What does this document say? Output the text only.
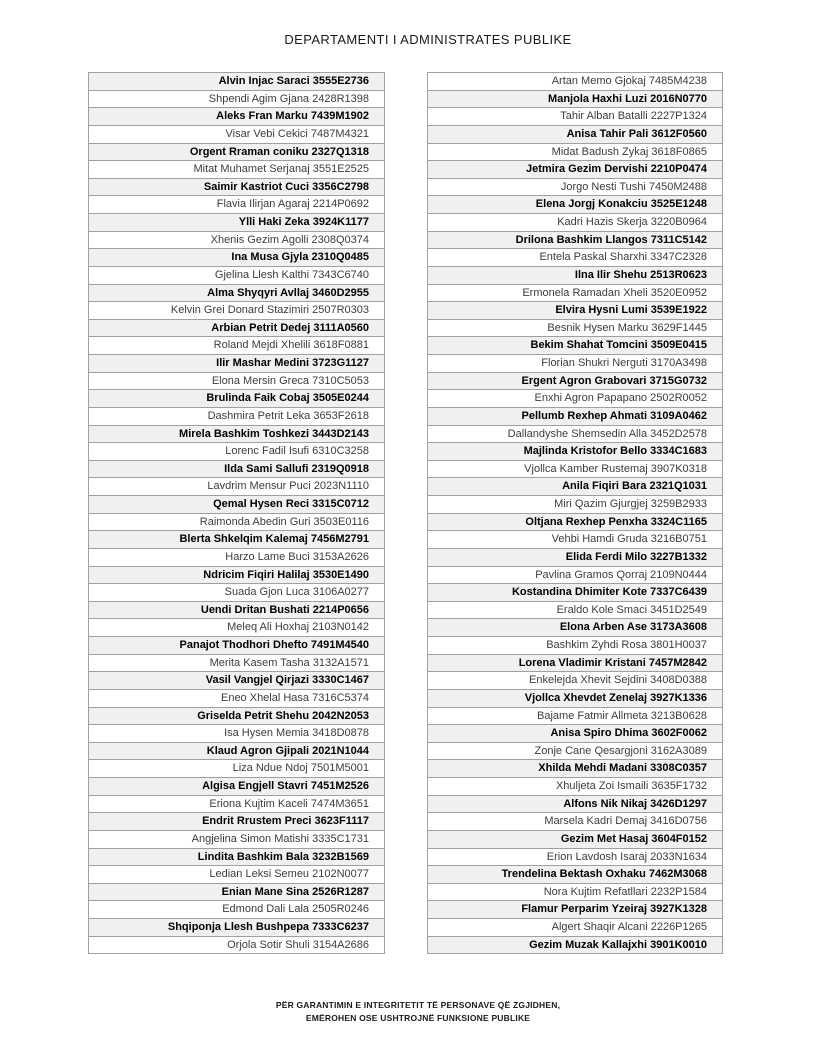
DEPARTAMENTI I ADMINISTRATES PUBLIKE
Alvin Injac Saraci 3555E2736
Shpendi Agim Gjana 2428R1398
Aleks Fran Marku 7439M1902
Visar Vebi Cekici 7487M4321
Orgent Rraman coniku 2327Q1318
Mitat Muhamet Serjanaj 3551E2525
Saimir Kastriot Cuci 3356C2798
Flavia Ilirjan Agaraj 2214P0692
Ylli Haki Zeka 3924K1177
Xhenis Gezim Agolli 2308Q0374
Ina Musa Gjyla 2310Q0485
Gjelina Llesh Kalthi 7343C6740
Alma Shyqyri Avllaj 3460D2955
Kelvin Grei Donard Stazimiri 2507R0303
Arbian Petrit Dedej 3111A0560
Roland Mejdi Xhelili 3618F0881
Ilir Mashar Medini 3723G1127
Elona Mersin Greca 7310C5053
Brulinda Faik Cobaj 3505E0244
Dashmira Petrit Leka 3653F2618
Mirela Bashkim Toshkezi 3443D2143
Lorenc Fadil Isufi 6310C3258
Ilda Sami Sallufi 2319Q0918
Lavdrim Mensur Puci 2023N1110
Qemal Hysen Reci 3315C0712
Raimonda Abedin Guri 3503E0116
Blerta Shkelqim Kalemaj 7456M2791
Harzo Lame Buci 3153A2626
Ndricim Fiqiri Halilaj 3530E1490
Suada Gjon Luca 3106A0277
Uendi Dritan Bushati 2214P0656
Meleq Ali Hoxhaj 2103N0142
Panajot Thodhori Dhefto 7491M4540
Merita Kasem Tasha 3132A1571
Vasil Vangjel Qirjazi 3330C1467
Eneo Xhelal Hasa 7316C5374
Griselda Petrit Shehu 2042N2053
Isa Hysen Memia 3418D0878
Klaud Agron Gjipali 2021N1044
Liza Ndue Ndoj 7501M5001
Algisa Engjell Stavri 7451M2526
Eriona Kujtim Kaceli 7474M3651
Endrit Rrustem Preci 3623F1117
Angjelina Simon Matishi 3335C1731
Lindita Bashkim Bala 3232B1569
Ledian Leksi Semeu 2102N0077
Enian Mane Sina 2526R1287
Edmond Dali Lala 2505R0246
Shqiponja Llesh Bushpepa 7333C6237
Orjola Sotir Shuli 3154A2686
Artan Memo Gjokaj 7485M4238
Manjola Haxhi Luzi 2016N0770
Tahir Alban Batalli 2227P1324
Anisa Tahir Pali 3612F0560
Midat Badush Zykaj 3618F0865
Jetmira Gezim Dervishi 2210P0474
Jorgo Nesti Tushi 7450M2488
Elena Jorgj Konakciu 3525E1248
Kadri Hazis Skerja 3220B0964
Drilona Bashkim Llangos 7311C5142
Entela Paskal Sharxhi 3347C2328
Ilna Ilir Shehu 2513R0623
Ermonela Ramadan Xheli 3520E0952
Elvira Hysni Lumi 3539E1922
Besnik Hysen Marku 3629F1445
Bekim Shahat Tomcini 3509E0415
Florian Shukri Nerguti 3170A3498
Ergent Agron Grabovari 3715G0732
Enxhi Agron Papapano 2502R0052
Pellumb Rexhep Ahmati 3109A0462
Dallandyshe Shemsedin Alla 3452D2578
Majlinda Kristofor Bello 3334C1683
Vjollca Kamber Rustemaj 3907K0318
Anila Fiqiri Bara 2321Q1031
Miri Qazim Gjurgjej 3259B2933
Oltjana Rexhep Penxha 3324C1165
Vehbi Hamdi Gruda 3216B0751
Elida Ferdi Milo 3227B1332
Pavlina Gramos Qorraj 2109N0444
Kostandina Dhimiter Kote 7337C6439
Eraldo Kole Smaci 3451D2549
Elona Arben Ase 3173A3608
Bashkim Zyhdi Rosa 3801H0037
Lorena Vladimir Kristani 7457M2842
Enkelejda Xhevit Sejdini 3408D0388
Vjollca Xhevdet Zenelaj 3927K1336
Bajame Fatmir Allmeta 3213B0628
Anisa Spiro Dhima 3602F0062
Zonje Cane Qesargjoni 3162A3089
Xhilda Mehdi Madani 3308C0357
Xhuljeta Zoi Ismaili 3635F1732
Alfons Nik Nikaj 3426D1297
Marsela Kadri Demaj 3416D0756
Gezim Met Hasaj 3604F0152
Erion Lavdosh Isaraj 2033N1634
Trendelina Bektash Oxhaku 7462M3068
Nora Kujtim Refatllari 2232P1584
Flamur Perparim Yzeiraj 3927K1328
Algert Shaqir Alcani 2226P1265
Gezim Muzak Kallajxhi 3901K0010
PËR GARANTIMIN E INTEGRITETIT TË PERSONAVE QË ZGJIDHEN,
EMËROHEN OSE USHTROJNË FUNKSIONE PUBLIKE
